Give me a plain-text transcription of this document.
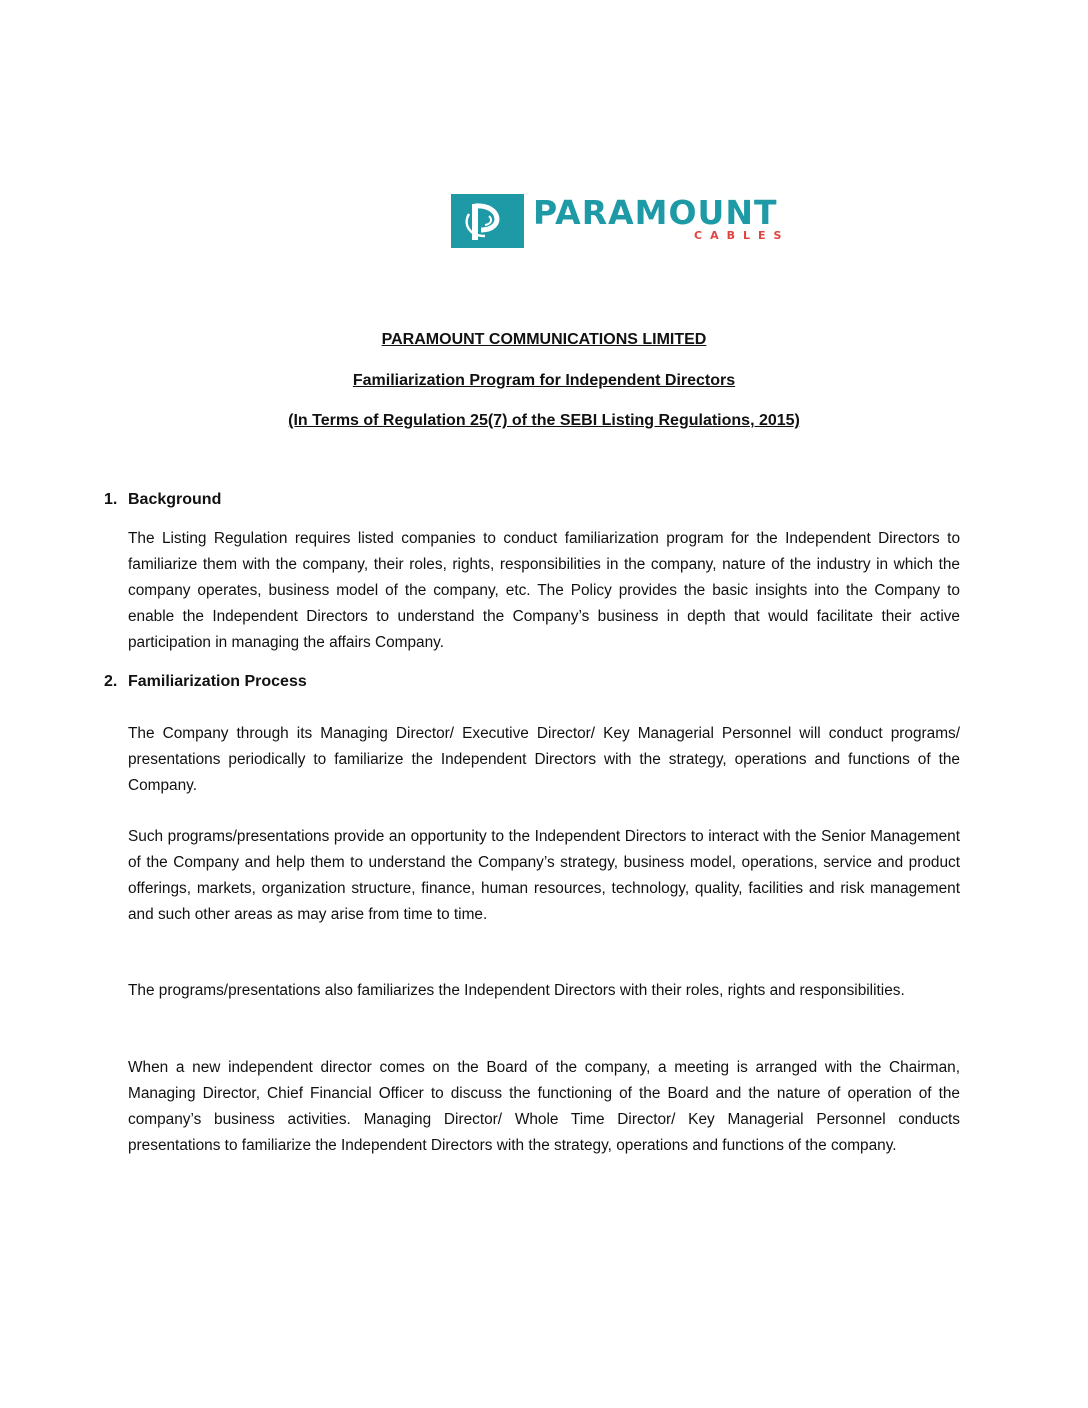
PARAMOUNT
CABLES
PARAMOUNT COMMUNICATIONS LIMITED
Familiarization Program for Independent Directors
(In Terms of Regulation 25(7) of the SEBI Listing Regulations, 2015)
1. Background

The Listing Regulation requires listed companies to conduct familiarization program for the Independent Directors to familiarize them with the company, their roles, rights, responsibilities in the company, nature of the industry in which the company operates, business model of the company, etc. The Policy provides the basic insights into the Company to enable the Independent Directors to understand the Company’s business in depth that would facilitate their active participation in managing the affairs Company.

2. Familiarization Process

The Company through its Managing Director/ Executive Director/ Key Managerial Personnel will conduct programs/ presentations periodically to familiarize the Independent Directors with the strategy, operations and functions of the Company.

Such programs/presentations provide an opportunity to the Independent Directors to interact with the Senior Management of the Company and help them to understand the Company’s strategy, business model, operations, service and product offerings, markets, organization structure, finance, human resources, technology, quality, facilities and risk management and such other areas as may arise from time to time.

The programs/presentations also familiarizes the Independent Directors with their roles, rights and responsibilities.

When a new independent director comes on the Board of the company, a meeting is arranged with the Chairman, Managing Director, Chief Financial Officer to discuss the functioning of the Board and the nature of operation of the company’s business activities. Managing Director/ Whole Time Director/ Key Managerial Personnel conducts presentations to familiarize the Independent Directors with the strategy, operations and functions of the company.
